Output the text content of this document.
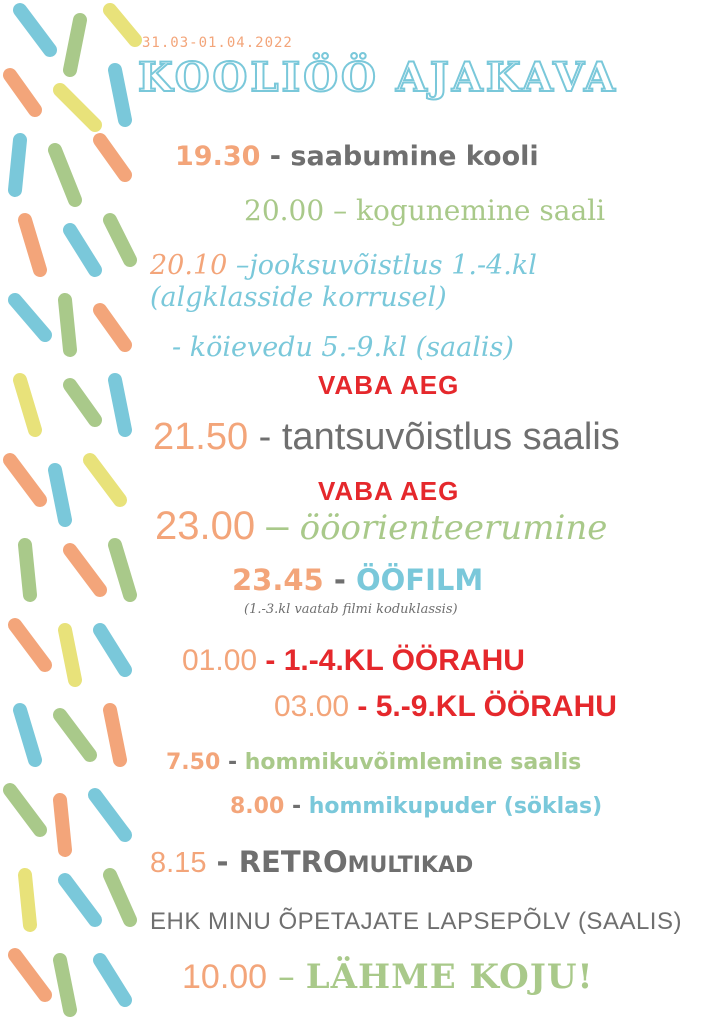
31.03-01.04.2022
KOOLIÖÖ AJAKAVA
19.30 - saabumine kooli
20.00 – kogunemine saali
20.10 –jooksuvõistlus 1.-4.kl
(algklasside korrusel)
- köievedu 5.-9.kl (saalis)
VABA AEG
21.50 - tantsuvõistlus saalis
VABA AEG
23.00 – ööorienteerumine
23.45 - ÖÖFILM
(1.-3.kl vaatab filmi koduklassis)
01.00 - 1.-4.KL ÖÖRAHU
03.00 - 5.-9.KL ÖÖRAHU
7.50 - hommikuvõimlemine saalis
8.00 - hommikupuder (söklas)
8.15 - RETROMULTIKAD
EHK MINU ÕPETAJATE LAPSEPÕLV (SAALIS)
10.00 – LÄHME KOJU!
